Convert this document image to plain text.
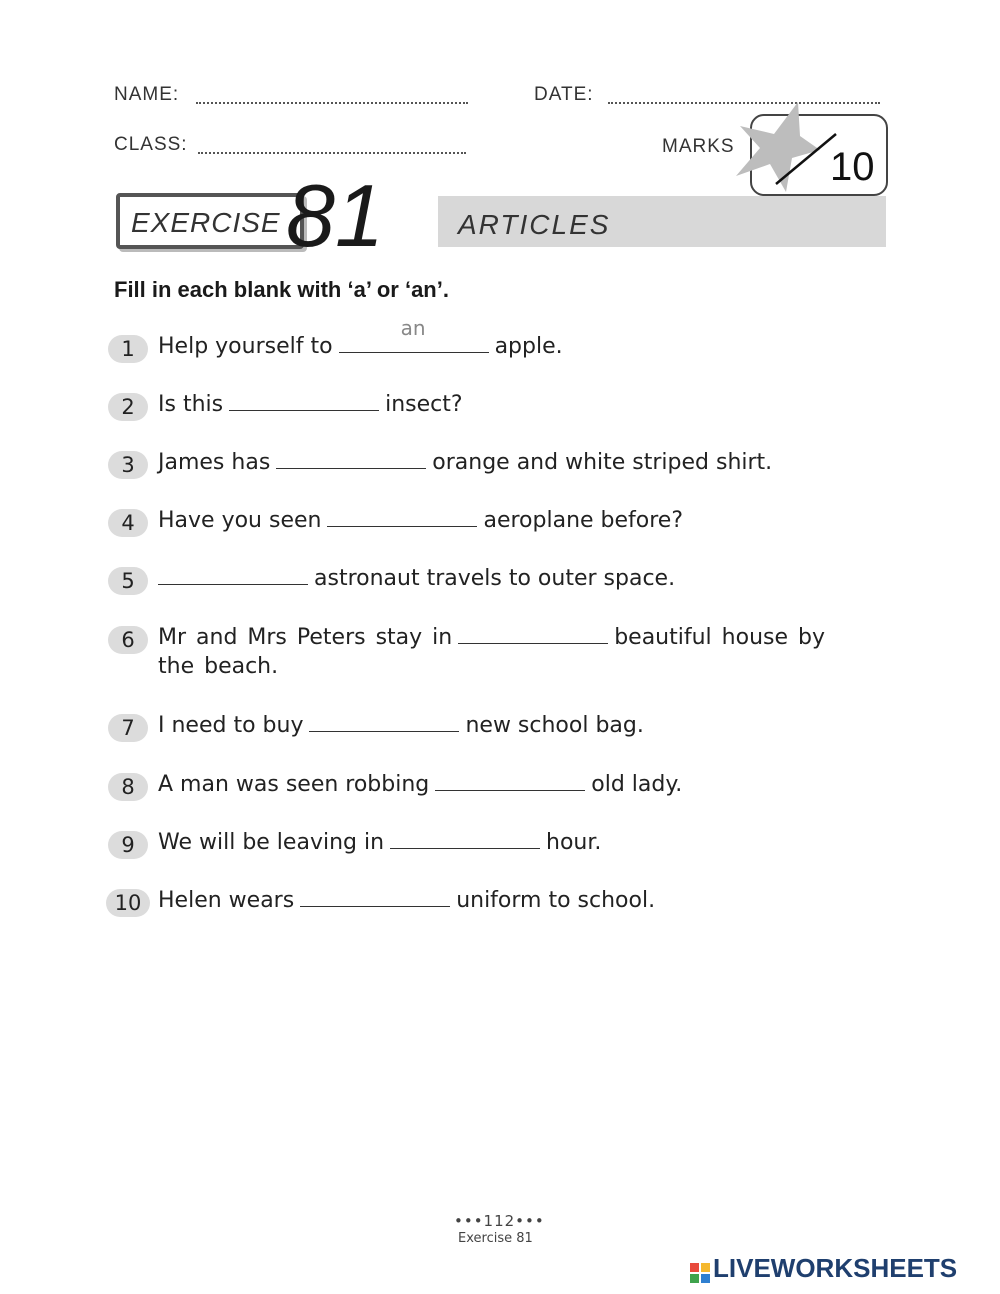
NAME:	DATE:
CLASS:	MARKS 10
EXERCISE 81	ARTICLES
Fill in each blank with ‘a’ or ‘an’.
1	Help yourself to
an
apple.
2	Is this	insect?
3	James has	orange and white striped shirt.
4	Have you seen	aeroplane before?
5	astronaut travels to outer space.
6	Mr and Mrs Peters stay in	beautiful house by
the beach.
7	I need to buy	new school bag.
8	A man was seen robbing	old lady.
9	We will be leaving in	hour.
10 Helen wears	uniform to school.
•••112•••
Exercise 81
LIVEWORKSHEETS
